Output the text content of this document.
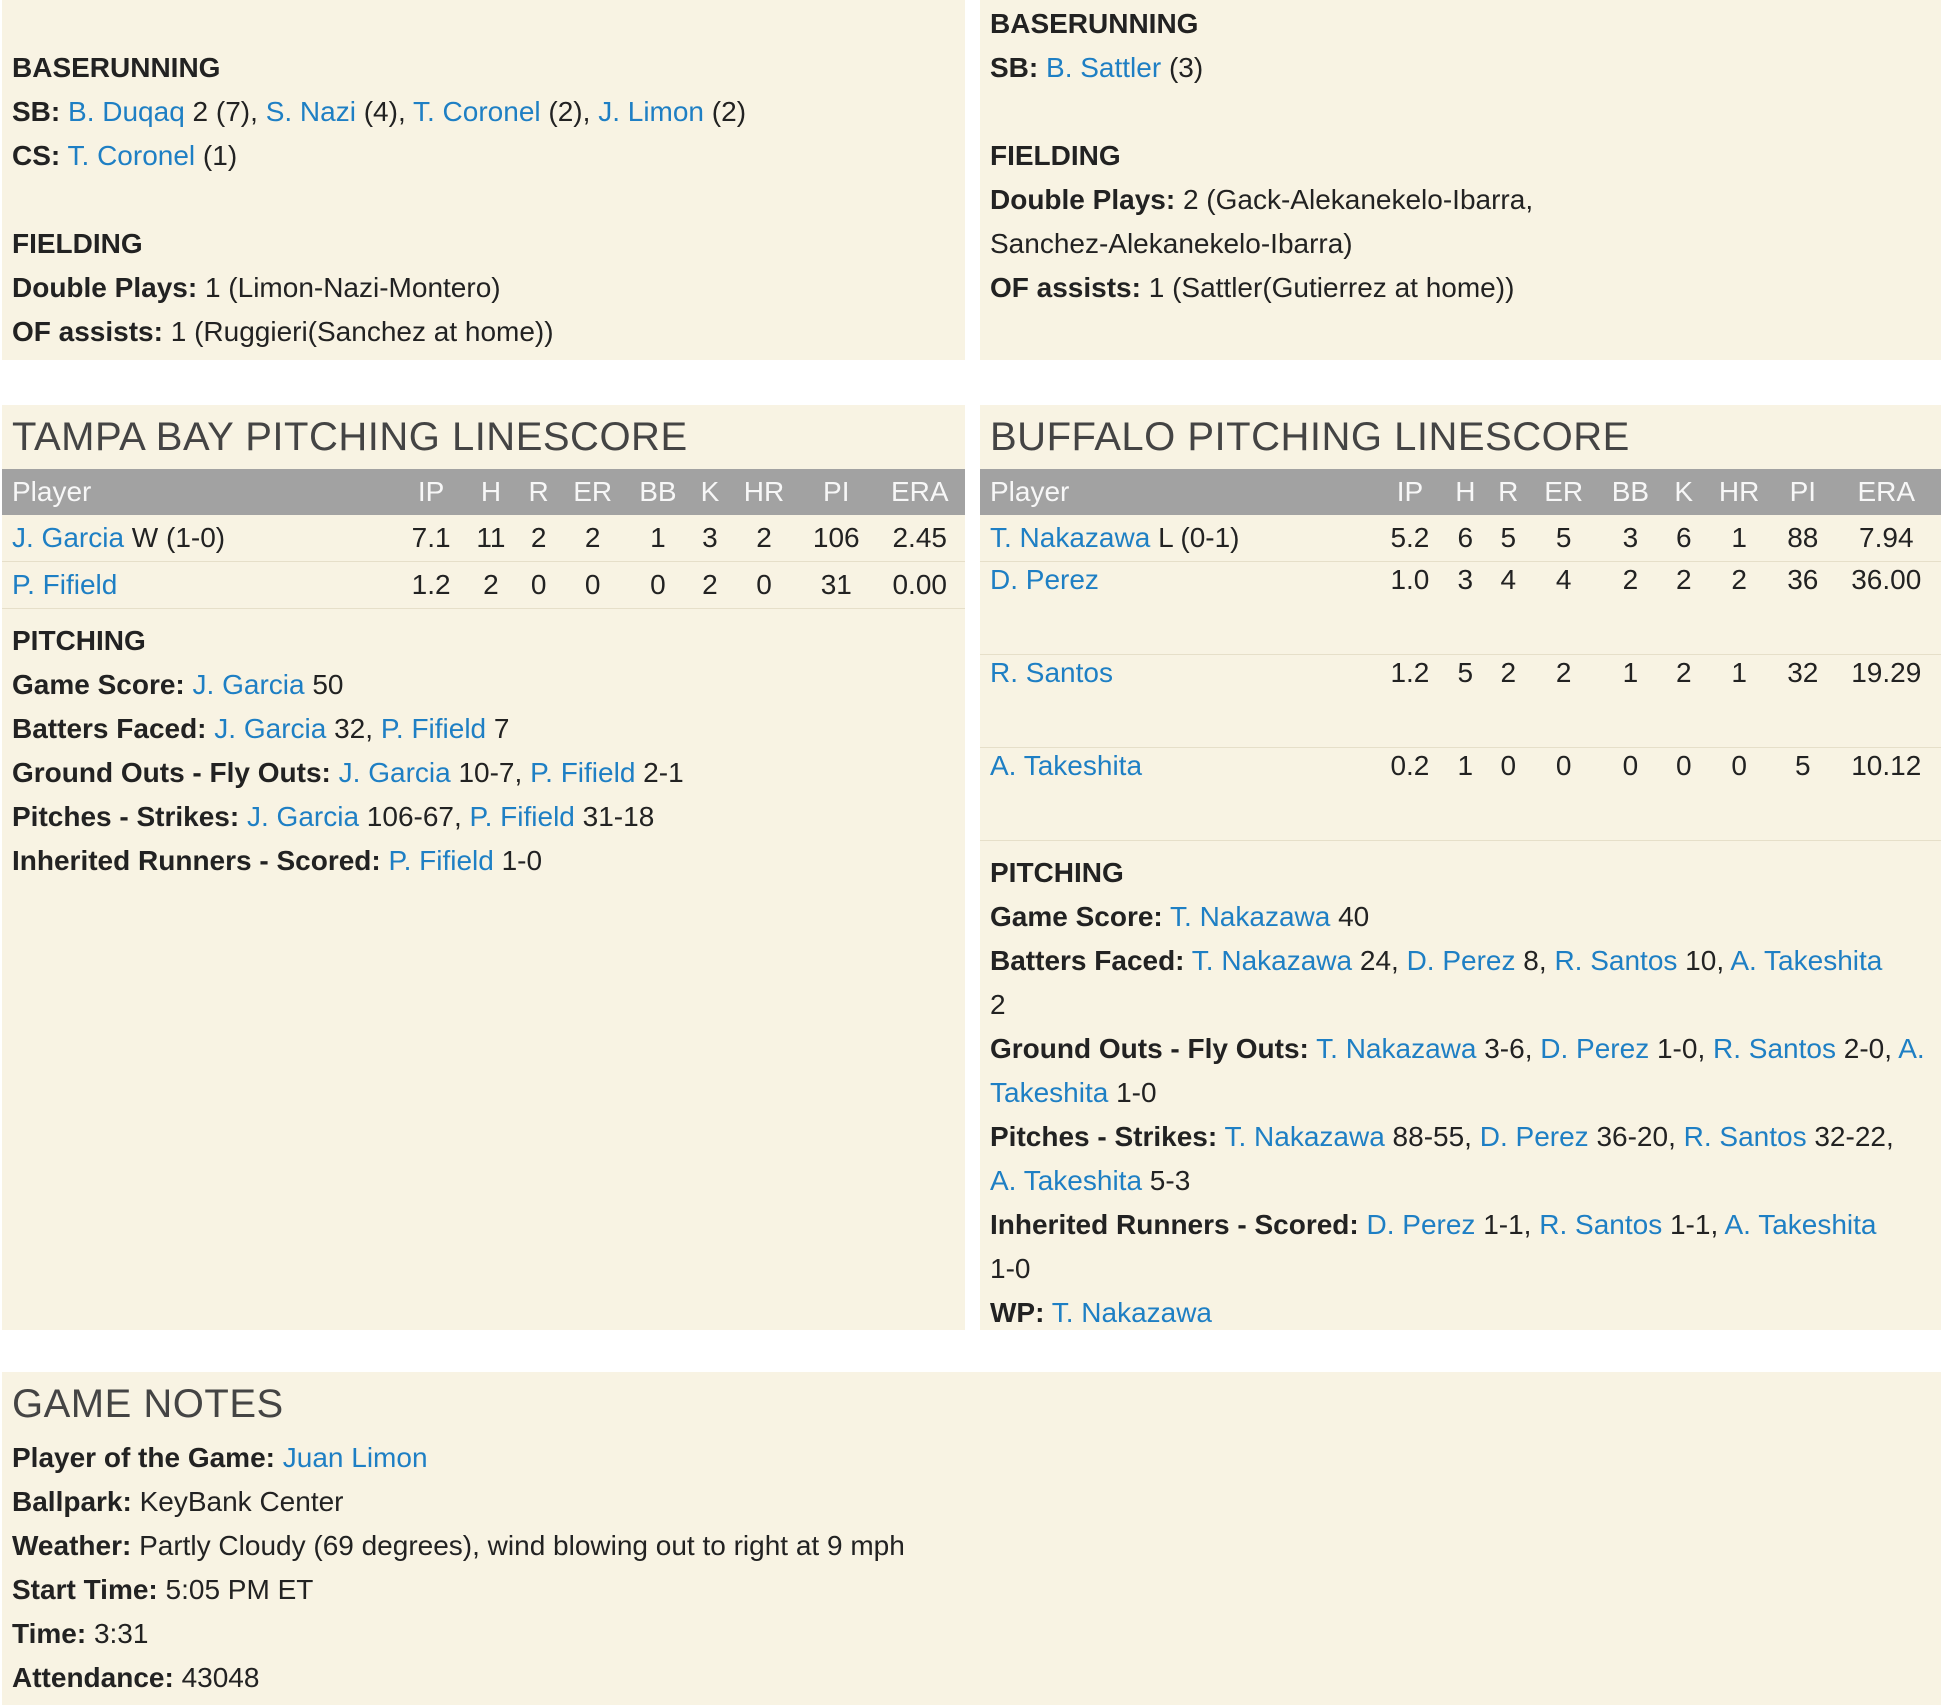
BASERUNNING
SB: B. Duqaq 2 (7), S. Nazi (4), T. Coronel (2), J. Limon (2)
CS: T. Coronel (1)
FIELDING
Double Plays: 1 (Limon-Nazi-Montero)
OF assists: 1 (Ruggieri(Sanchez at home))
BASERUNNING
SB: B. Sattler (3)
FIELDING
Double Plays: 2 (Gack-Alekanekelo-Ibarra,
Sanchez-Alekanekelo-Ibarra)
OF assists: 1 (Sattler(Gutierrez at home))
TAMPA BAY PITCHING LINESCORE
Player	IP	H	R	ER	BB	K	HR	PI	ERA
J. Garcia W (1-0)	7.1	11	2	2	1	3	2	106	2.45
P. Fifield	1.2	2	0	0	0	2	0	31	0.00
PITCHING
Game Score: J. Garcia 50
Batters Faced: J. Garcia 32, P. Fifield 7
Ground Outs - Fly Outs: J. Garcia 10-7, P. Fifield 2-1
Pitches - Strikes: J. Garcia 106-67, P. Fifield 31-18
Inherited Runners - Scored: P. Fifield 1-0
BUFFALO PITCHING LINESCORE
Player	IP	H	R	ER	BB	K	HR	PI	ERA
T. Nakazawa L (0-1)	5.2	6	5	5	3	6	1	88	7.94
D. Perez	1.0	3	4	4	2	2	2	36	36.00
R. Santos	1.2	5	2	2	1	2	1	32	19.29
A. Takeshita	0.2	1	0	0	0	0	0	5	10.12
PITCHING
Game Score: T. Nakazawa 40
Batters Faced: T. Nakazawa 24, D. Perez 8, R. Santos 10, A. Takeshita
2
Ground Outs - Fly Outs: T. Nakazawa 3-6, D. Perez 1-0, R. Santos 2-0, A.
Takeshita 1-0
Pitches - Strikes: T. Nakazawa 88-55, D. Perez 36-20, R. Santos 32-22,
A. Takeshita 5-3
Inherited Runners - Scored: D. Perez 1-1, R. Santos 1-1, A. Takeshita
1-0
WP: T. Nakazawa
GAME NOTES
Player of the Game: Juan Limon
Ballpark: KeyBank Center
Weather: Partly Cloudy (69 degrees), wind blowing out to right at 9 mph
Start Time: 5:05 PM ET
Time: 3:31
Attendance: 43048
